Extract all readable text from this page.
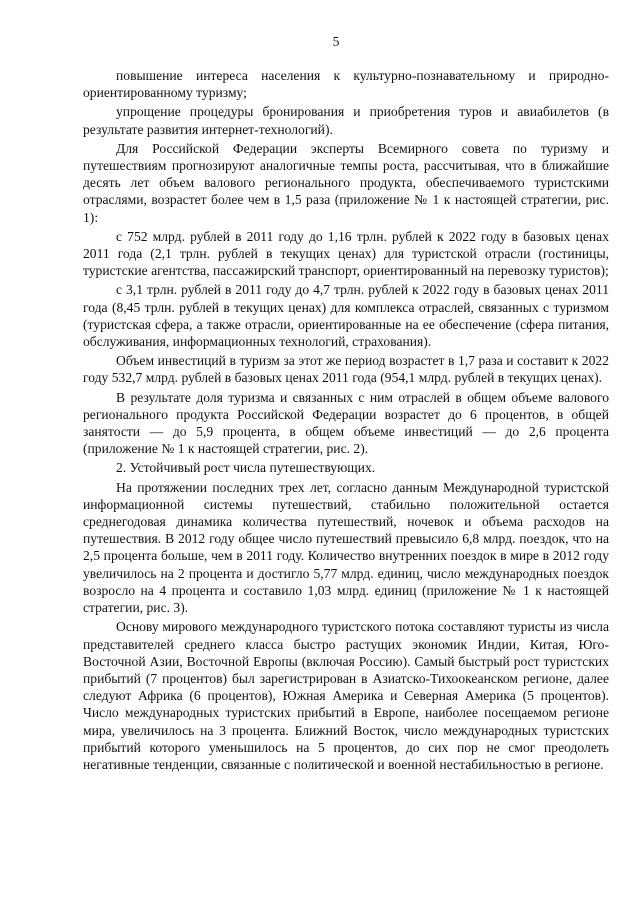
5

повышение интереса населения к культурно-познавательному и природно-ориентированному туризму;

упрощение процедуры бронирования и приобретения туров и авиабилетов (в результате развития интернет-технологий).

Для Российской Федерации эксперты Всемирного совета по туризму и путешествиям прогнозируют аналогичные темпы роста, рассчитывая, что в ближайшие десять лет объем валового регионального продукта, обеспечиваемого туристскими отраслями, возрастет более чем в 1,5 раза (приложение № 1 к настоящей стратегии, рис. 1):

с 752 млрд. рублей в 2011 году до 1,16 трлн. рублей к 2022 году в базовых ценах 2011 года (2,1 трлн. рублей в текущих ценах) для туристской отрасли (гостиницы, туристские агентства, пассажирский транспорт, ориентированный на перевозку туристов);

с 3,1 трлн. рублей в 2011 году до 4,7 трлн. рублей к 2022 году в базовых ценах 2011 года (8,45 трлн. рублей в текущих ценах) для комплекса отраслей, связанных с туризмом (туристская сфера, а также отрасли, ориентированные на ее обеспечение (сфера питания, обслуживания, информационных технологий, страхования).

Объем инвестиций в туризм за этот же период возрастет в 1,7 раза и составит к 2022 году 532,7 млрд. рублей в базовых ценах 2011 года (954,1 млрд. рублей в текущих ценах).

В результате доля туризма и связанных с ним отраслей в общем объеме валового регионального продукта Российской Федерации возрастет до 6 процентов, в общей занятости — до 5,9 процента, в общем объеме инвестиций — до 2,6 процента (приложение № 1 к настоящей стратегии, рис. 2).

2. Устойчивый рост числа путешествующих.

На протяжении последних трех лет, согласно данным Международной туристской информационной системы путешествий, стабильно положительной остается среднегодовая динамика количества путешествий, ночевок и объема расходов на путешествия. В 2012 году общее число путешествий превысило 6,8 млрд. поездок, что на 2,5 процента больше, чем в 2011 году. Количество внутренних поездок в мире в 2012 году увеличилось на 2 процента и достигло 5,77 млрд. единиц, число международных поездок возросло на 4 процента и составило 1,03 млрд. единиц (приложение № 1 к настоящей стратегии, рис. 3).

Основу мирового международного туристского потока составляют туристы из числа представителей среднего класса быстро растущих экономик Индии, Китая, Юго-Восточной Азии, Восточной Европы (включая Россию). Самый быстрый рост туристских прибытий (7 процентов) был зарегистрирован в Азиатско-Тихоокеанском регионе, далее следуют Африка (6 процентов), Южная Америка и Северная Америка (5 процентов). Число международных туристских прибытий в Европе, наиболее посещаемом регионе мира, увеличилось на 3 процента. Ближний Восток, число международных туристских прибытий которого уменьшилось на 5 процентов, до сих пор не смог преодолеть негативные тенденции, связанные с политической и военной нестабильностью в регионе.
